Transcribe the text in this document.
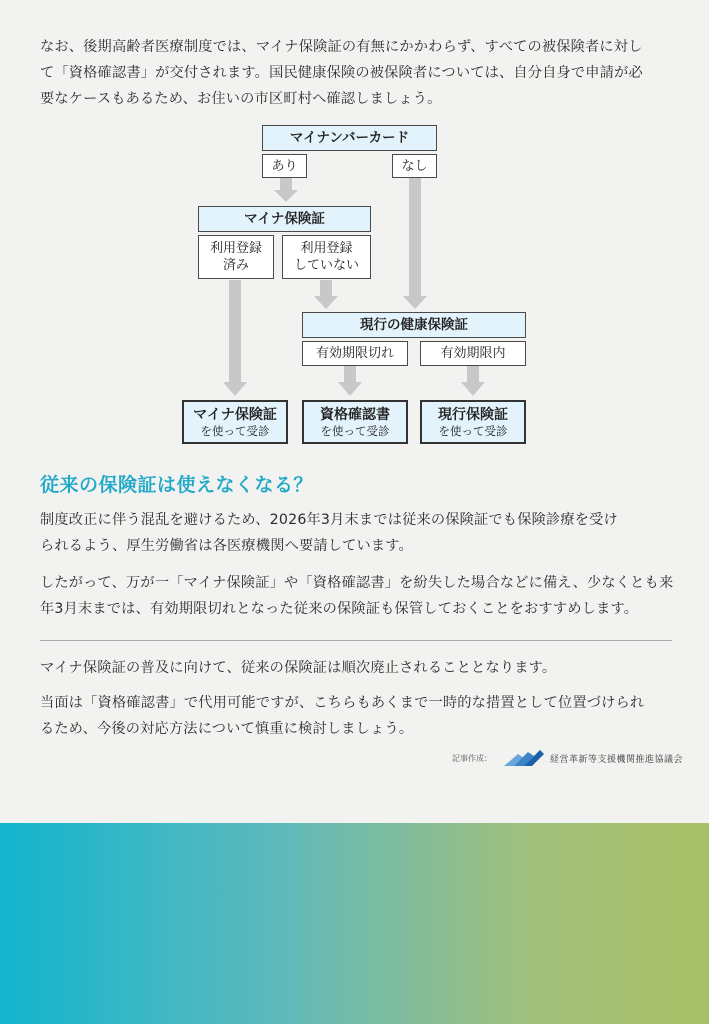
なお、後期高齢者医療制度では、マイナ保険証の有無にかかわらず、すべての被保険者に対し
て「資格確認書」が交付されます。国民健康保険の被保険者については、自分自身で申請が必
要なケースもあるため、お住いの市区町村へ確認しましょう。

マイナンバーカード
あり	なし
マイナ保険証
利用登録
済み
利用登録
していない
現行の健康保険証
有効期限切れ	有効期限内
マイナ保険証
を使って受診
資格確認書
を使って受診
現行保険証
を使って受診
従来の保険証は使えなくなる？

制度改正に伴う混乱を避けるため、2026年3月末までは従来の保険証でも保険診療を受け
られるよう、厚生労働省は各医療機関へ要請しています。

したがって、万が一「マイナ保険証」や「資格確認書」を紛失した場合などに備え、少なくとも来
年3月末までは、有効期限切れとなった従来の保険証も保管しておくことをおすすめします。

マイナ保険証の普及に向けて、従来の保険証は順次廃止されることとなります。

当面は「資格確認書」で代用可能ですが、こちらもあくまで一時的な措置として位置づけられ
るため、今後の対応方法について慎重に検討しましょう。

記事作成：	経営革新等支援機関推進協議会
